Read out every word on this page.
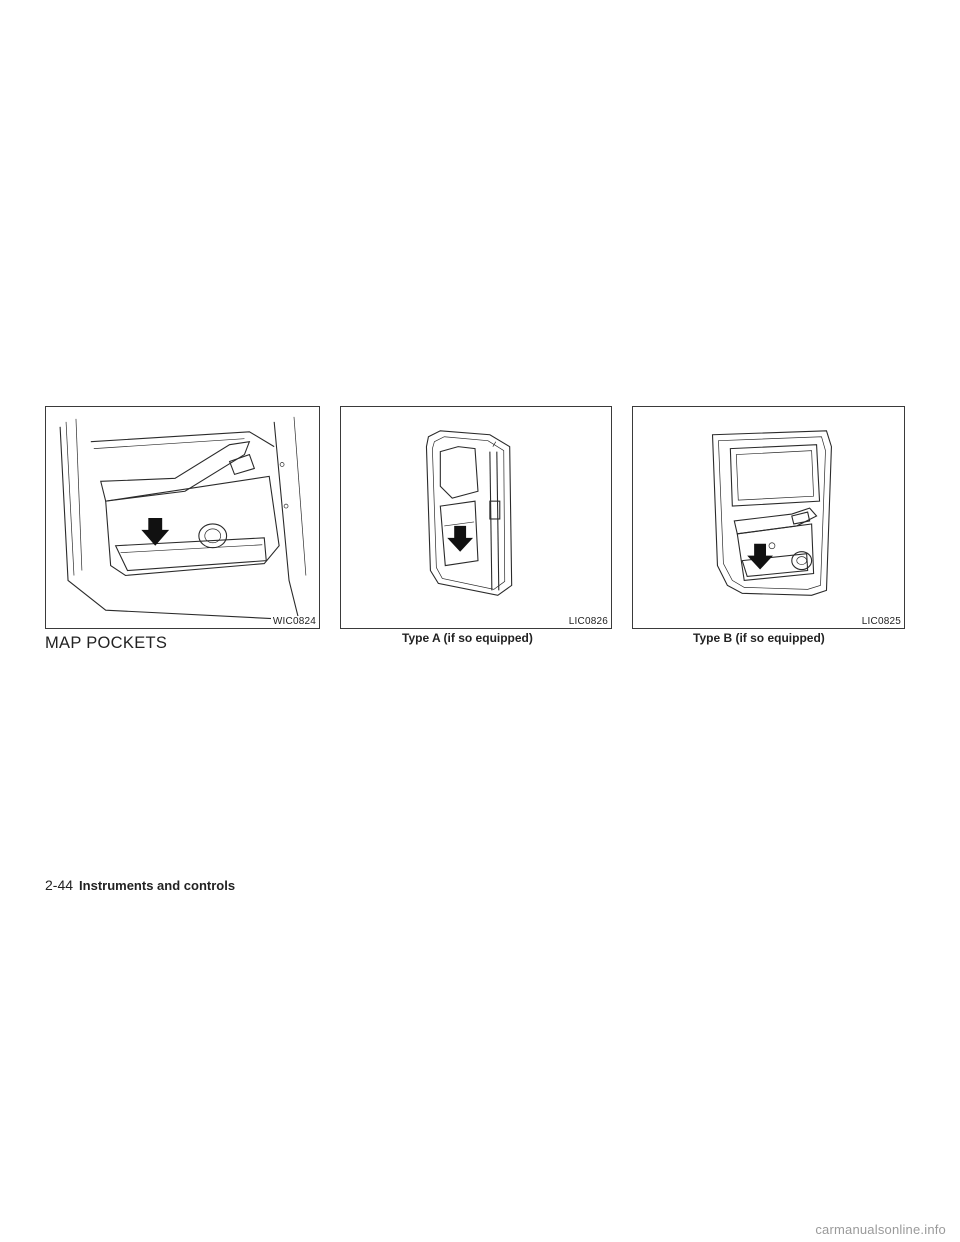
WIC0824	LIC0826	LIC0825
MAP POCKETS	Type A (if so equipped)	Type B (if so equipped)
2-44 Instruments and controls
carmanualsonline.info
